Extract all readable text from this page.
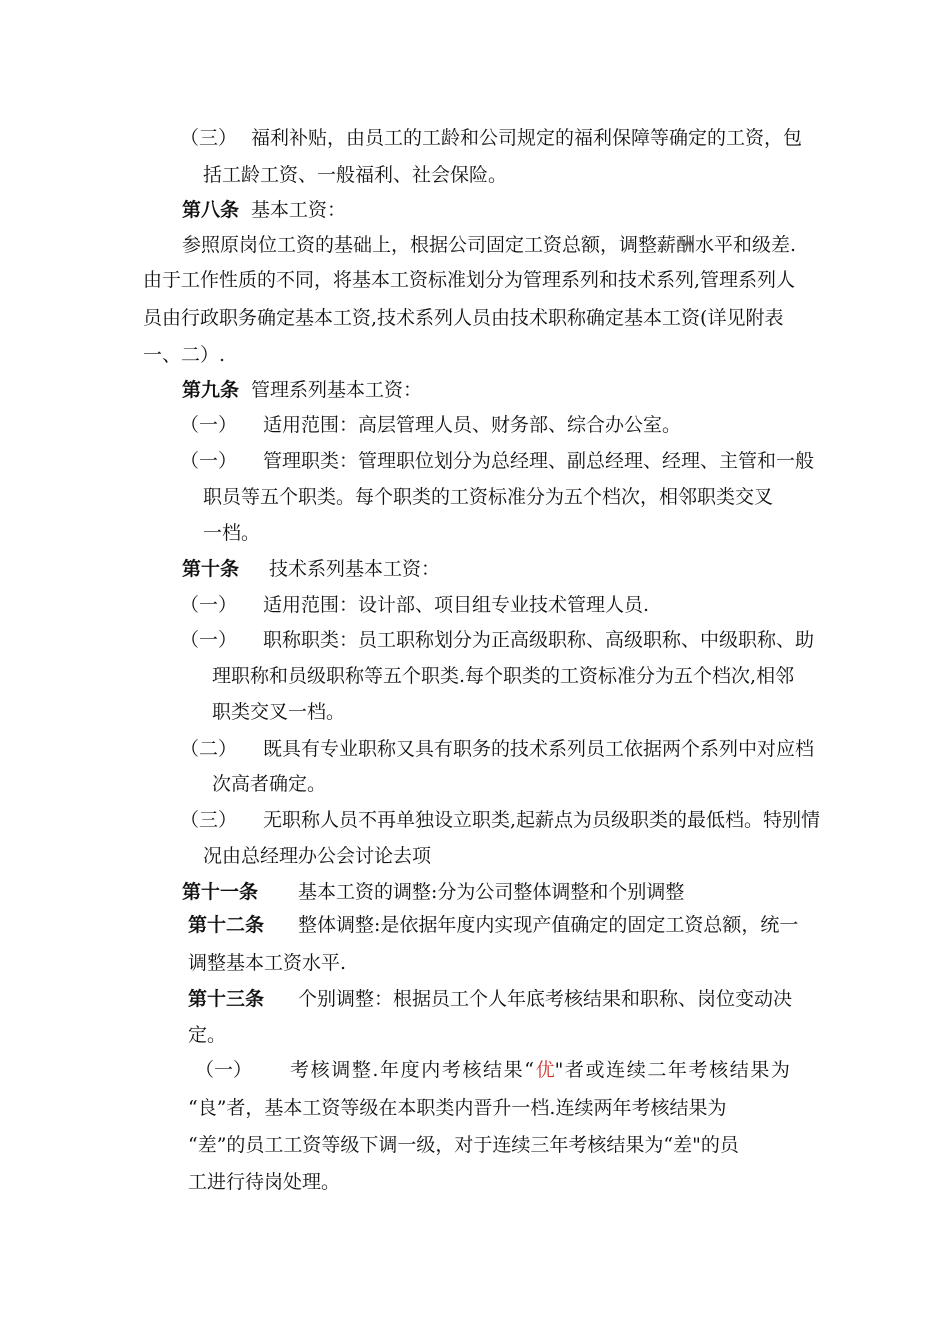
（三） 福利补贴，由员工的工龄和公司规定的福利保障等确定的工资，包
括工龄工资、一般福利、社会保险。
第八条 基本工资：
参照原岗位工资的基础上，根据公司固定工资总额，调整薪酬水平和级差.
由于工作性质的不同，将基本工资标准划分为管理系列和技术系列,管理系列人
员由行政职务确定基本工资,技术系列人员由技术职称确定基本工资(详见附表
一、二）.
第九条 管理系列基本工资：
（一） 适用范围：高层管理人员、财务部、综合办公室。
（一） 管理职类：管理职位划分为总经理、副总经理、经理、主管和一般
职员等五个职类。每个职类的工资标准分为五个档次，相邻职类交叉
一档。
第十条 技术系列基本工资：
（一） 适用范围：设计部、项目组专业技术管理人员.
（一） 职称职类：员工职称划分为正高级职称、高级职称、中级职称、助
理职称和员级职称等五个职类.每个职类的工资标准分为五个档次,相邻
职类交叉一档。
（二） 既具有专业职称又具有职务的技术系列员工依据两个系列中对应档
次高者确定。
（三） 无职称人员不再单独设立职类,起薪点为员级职类的最低档。特别情
况由总经理办公会讨论去项
第十一条 基本工资的调整:分为公司整体调整和个别调整
第十二条 整体调整:是依据年度内实现产值确定的固定工资总额，统一
调整基本工资水平.
第十三条 个别调整：根据员工个人年底考核结果和职称、岗位变动决
定。
（一） 考核调整.年度内考核结果“优"者或连续二年考核结果为
“良”者，基本工资等级在本职类内晋升一档.连续两年考核结果为
“差”的员工工资等级下调一级，对于连续三年考核结果为“差"的员
工进行待岗处理。
